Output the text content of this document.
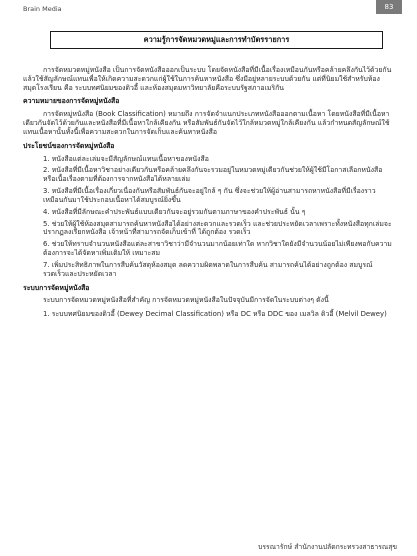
Brain Media	83
ความรู้การจัดหมวดหมู่และการทำบัตรรายการ

การจัดหมวดหมู่หนังสือ เป็นการจัดหนังสือออกเป็นระบบ โดยจัดหนังสือที่มีเนื้อเรื่องเหมือนกันหรือคล้ายคลึงกันไว้ด้วยกัน แล้วใช้สัญลักษณ์แทนเพื่อให้เกิดความสะดวกแก่ผู้ใช้ในการค้นหาหนังสือ ซึ่งมีอยู่หลายระบบด้วยกัน แต่ที่นิยมใช้สำหรับห้องสมุดโรงเรียน คือ ระบบทศนิยมของดิวอี้ และห้องสมุดมหาวิทยาลัยคือระบบรัฐสภาอเมริกัน

ความหมายของการจัดหมู่หนังสือ

การจัดหมู่หนังสือ (Book Classification) หมายถึง การจัดจำแนกประเภทหนังสือออกตามเนื้อหา โดยหนังสือที่มีเนื้อหาเดียวกันจัดไว้ด้วยกันและหนังสือที่มีเนื้อหาใกล้เคียงกัน หรือสัมพันธ์กันจัดไว้ใกล้หมวดหมู่ใกล้เคียงกัน แล้วกำหนดสัญลักษณ์ใช้แทนเนื้อหานั้นทั้งนี้เพื่อความสะดวกในการจัดเก็บและค้นหาหนังสือ

ประโยชน์ของการจัดหมู่หนังสือ
1. หนังสือแต่ละเล่มจะมีสัญลักษณ์แทนเนื้อหาของหนังสือ
2. หนังสือที่มีเนื้อหาวิชาอย่างเดียวกันหรือคล้ายคลึงกันจะรวมอยู่ในหมวดหมู่เดียวกันช่วยให้ผู้ใช้มีโอกาสเลือกหนังสือหรือเนื้อเรื่องตามที่ต้องการจากหนังสือได้หลายเล่ม
3. หนังสือที่มีเนื้อเรื่องเกี่ยวเนื่องกันหรือสัมพันธ์กันจะอยู่ใกล้ ๆ กัน ซึ่งจะช่วยให้ผู้อ่านสามารถหาหนังสือที่มีเรื่องราวเหมือนกันมาใช้ประกอบเนื้อหาได้สมบูรณ์ยิ่งขึ้น
4. หนังสือที่มีลักษณะคำประพันธ์แบบเดียวกันจะอยู่รวมกันตามภาษาของคำประพันธ์ นั้น ๆ
5. ช่วยให้ผู้ใช้ห้องสมุดสามารถค้นหาหนังสือได้อย่างสะดวกและรวดเร็ว และช่วยประหยัดเวลาเพราะทั้งหนังสือทุกเล่มจะปรากฏลงเรียกหนังสือ เจ้าหน้าที่สามารถจัดเก็บเข้าที่ ได้ถูกต้อง รวดเร็ว
6. ช่วยให้ทราบจำนวนหนังสือแต่ละสาขาวิชาว่ามีจำนวนมากน้อยเท่าใด หากวิชาใดยังมีจำนวนน้อยไม่เพียงพอกับความต้องการจะได้จัดหาเพิ่มเติมให้ เหมาะสม
7. เพิ่มประสิทธิภาพในการสืบค้นวัสดุห้องสมุด ลดความผิดพลาดในการสืบค้น สามารถค้นได้อย่างถูกต้อง สมบูรณ์ รวดเร็วและประหยัดเวลา
ระบบการจัดหมู่หนังสือ

ระบบการจัดหมวดหมู่หนังสือที่สำคัญ การจัดหมวดหมู่หนังสือในปัจจุบันมีการจัดในระบบต่างๆ ดังนี้

1. ระบบทศนิยมของดิวอี้ (Dewey Decimal Classification) หรือ DC หรือ DDC ของ เมลวิล ดิวอี้ (Melvil Dewey)
บรรณารักษ์ สำนักงานปลัดกระทรวงสาธารณสุข
